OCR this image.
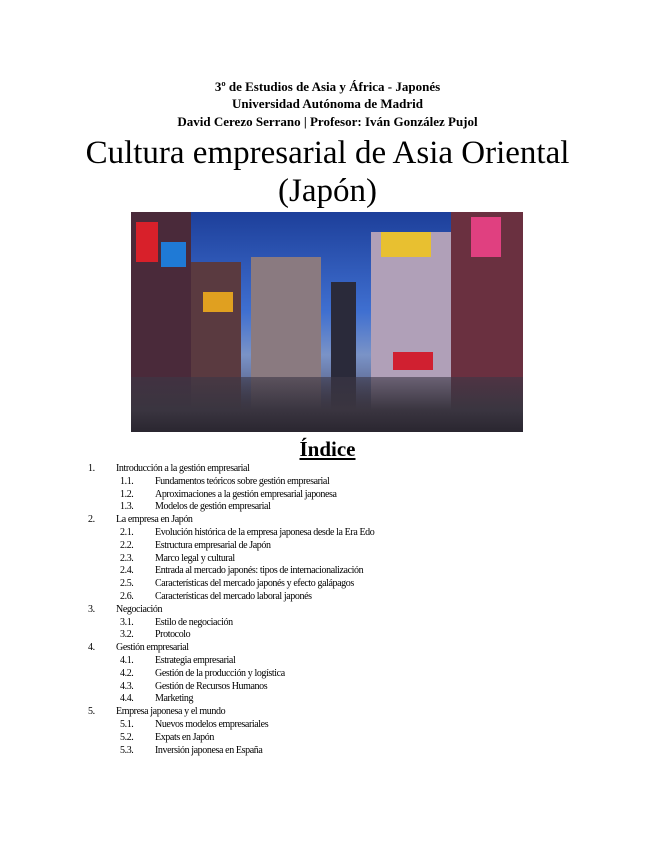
3º de Estudios de Asia y África - Japonés
Universidad Autónoma de Madrid
David Cerezo Serrano | Profesor: Iván González Pujol
Cultura empresarial de Asia Oriental
(Japón)
Índice
1. Introducción a la gestión empresarial
1.1. Fundamentos teóricos sobre gestión empresarial
1.2. Aproximaciones a la gestión empresarial japonesa
1.3. Modelos de gestión empresarial
2. La empresa en Japón
2.1. Evolución histórica de la empresa japonesa desde la Era Edo
2.2. Estructura empresarial de Japón
2.3. Marco legal y cultural
2.4. Entrada al mercado japonés: tipos de internacionalización
2.5. Características del mercado japonés y efecto galápagos
2.6. Características del mercado laboral japonés
3. Negociación
3.1. Estilo de negociación
3.2. Protocolo
4. Gestión empresarial
4.1. Estrategia empresarial
4.2. Gestión de la producción y logística
4.3. Gestión de Recursos Humanos
4.4. Marketing
5. Empresa japonesa y el mundo
5.1. Nuevos modelos empresariales
5.2. Expats en Japón
5.3. Inversión japonesa en España
